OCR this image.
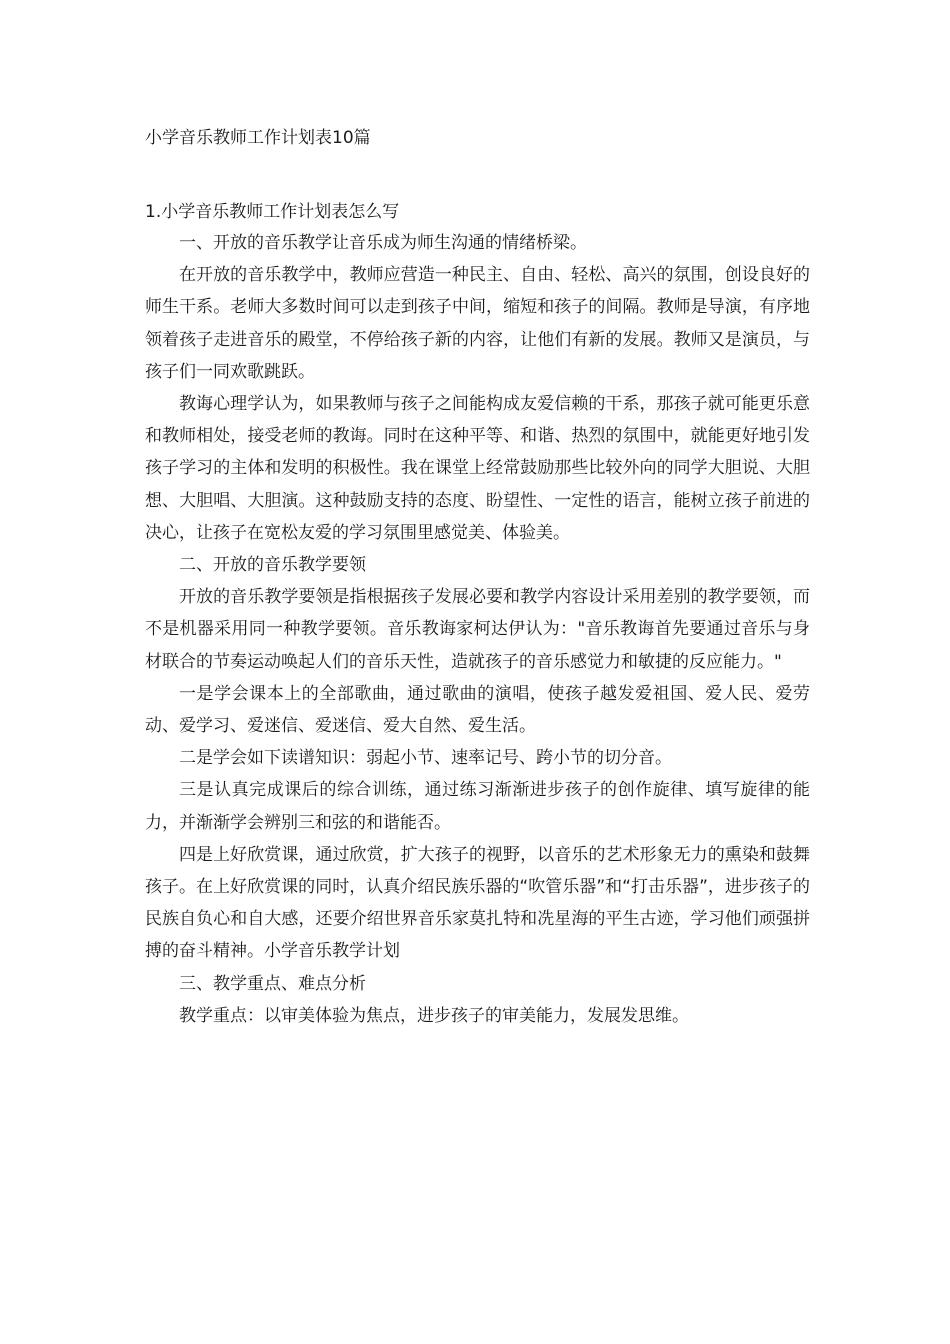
小学音乐教师工作计划表10篇
1.小学音乐教师工作计划表怎么写

一、开放的音乐教学让音乐成为师生沟通的情绪桥梁。

在开放的音乐教学中，教师应营造一种民主、自由、轻松、高兴的氛围，创设良好的师生干系。老师大多数时间可以走到孩子中间，缩短和孩子的间隔。教师是导演，有序地领着孩子走进音乐的殿堂，不停给孩子新的内容，让他们有新的发展。教师又是演员，与孩子们一同欢歌跳跃。

教诲心理学认为，如果教师与孩子之间能构成友爱信赖的干系，那孩子就可能更乐意和教师相处，接受老师的教诲。同时在这种平等、和谐、热烈的氛围中，就能更好地引发孩子学习的主体和发明的积极性。我在课堂上经常鼓励那些比较外向的同学大胆说、大胆想、大胆唱、大胆演。这种鼓励支持的态度、盼望性、一定性的语言，能树立孩子前进的决心，让孩子在宽松友爱的学习氛围里感觉美、体验美。

二、开放的音乐教学要领

开放的音乐教学要领是指根据孩子发展必要和教学内容设计采用差别的教学要领，而不是机器采用同一种教学要领。音乐教诲家柯达伊认为："音乐教诲首先要通过音乐与身材联合的节奏运动唤起人们的音乐天性，造就孩子的音乐感觉力和敏捷的反应能力。"

一是学会课本上的全部歌曲，通过歌曲的演唱，使孩子越发爱祖国、爱人民、爱劳动、爱学习、爱迷信、爱迷信、爱大自然、爱生活。

二是学会如下读谱知识：弱起小节、速率记号、跨小节的切分音。

三是认真完成课后的综合训练，通过练习渐渐进步孩子的创作旋律、填写旋律的能力，并渐渐学会辨别三和弦的和谐能否。

四是上好欣赏课，通过欣赏，扩大孩子的视野，以音乐的艺术形象无力的熏染和鼓舞孩子。在上好欣赏课的同时，认真介绍民族乐器的“吹管乐器”和“打击乐器”，进步孩子的民族自负心和自大感，还要介绍世界音乐家莫扎特和冼星海的平生古迹，学习他们顽强拼搏的奋斗精神。小学音乐教学计划

三、教学重点、难点分析

教学重点：以审美体验为焦点，进步孩子的审美能力，发展发思维。
